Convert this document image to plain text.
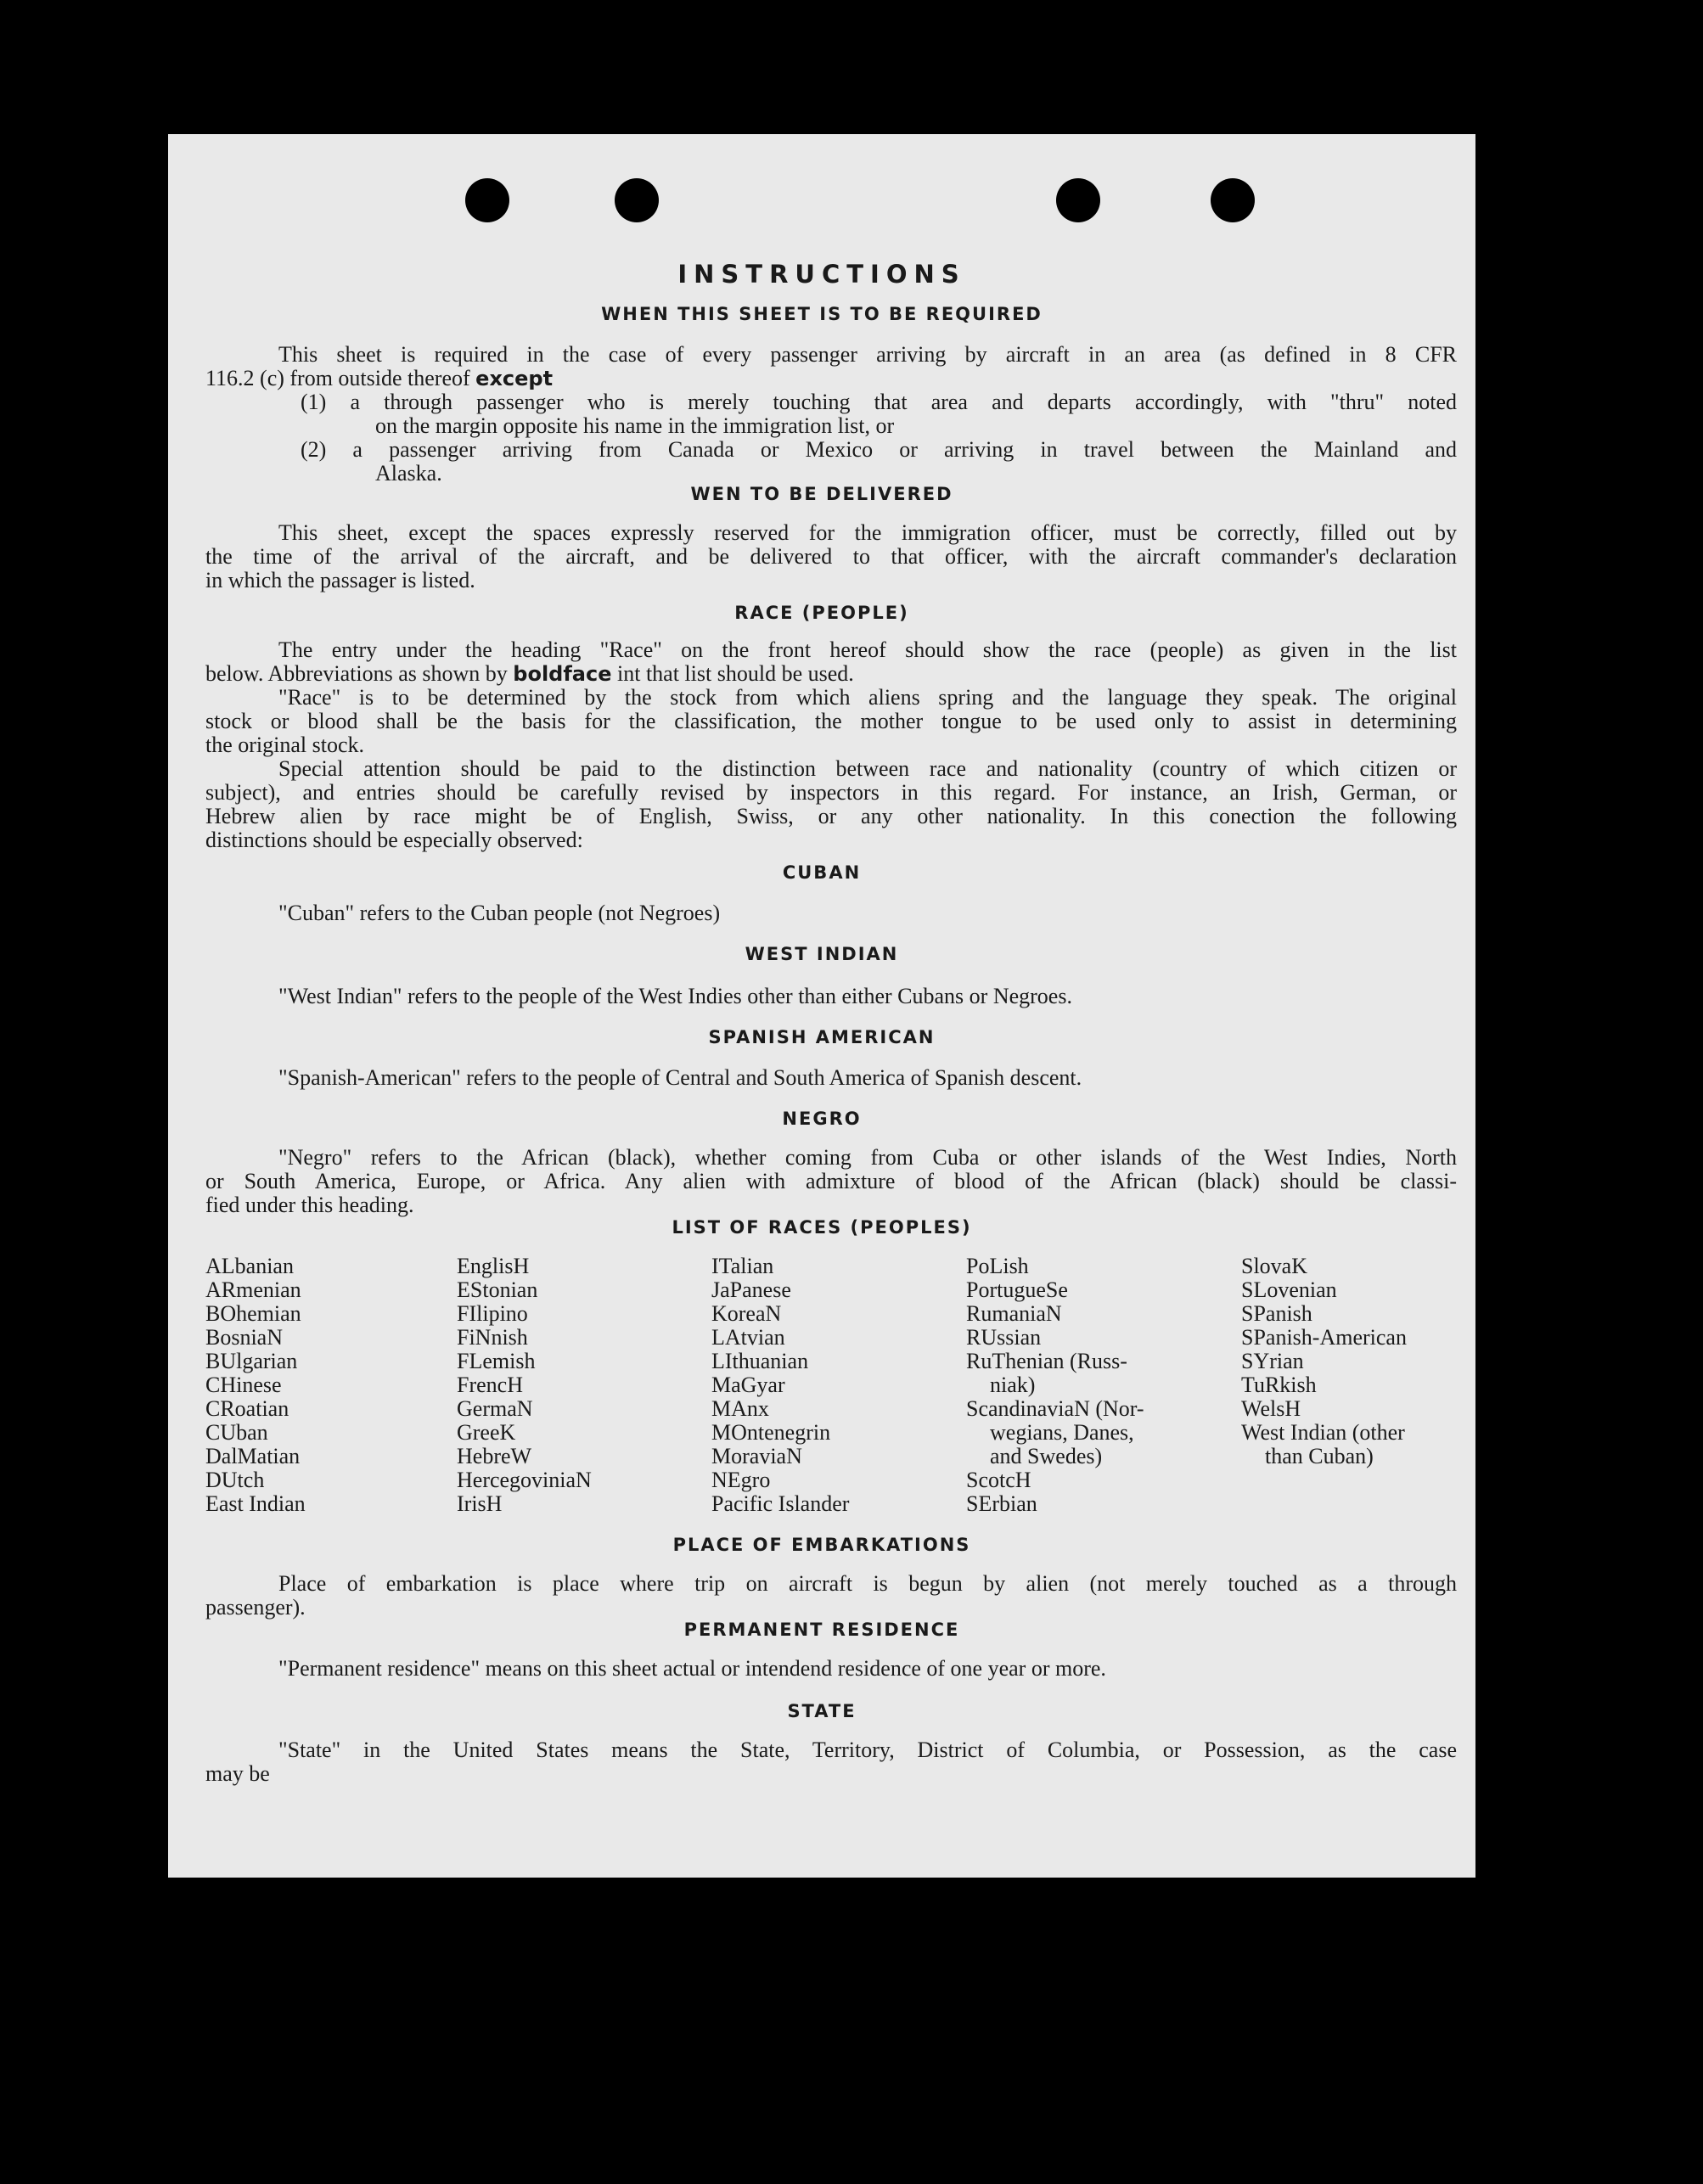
INSTRUCTIONS
WHEN THIS SHEET IS TO BE REQUIRED
This sheet is required in the case of every passenger arriving by aircraft in an area (as defined in 8 CFR
116.2 (c) from outside thereof except
(1) a through passenger who is merely touching that area and departs accordingly, with "thru" noted
on the margin opposite his name in the immigration list, or
(2) a passenger arriving from Canada or Mexico or arriving in travel between the Mainland and
Alaska.
WEN TO BE DELIVERED
This sheet, except the spaces expressly reserved for the immigration officer, must be correctly, filled out by
the time of the arrival of the aircraft, and be delivered to that officer, with the aircraft commander's declaration
in which the passager is listed.
RACE (PEOPLE)
The entry under the heading "Race" on the front hereof should show the race (people) as given in the list
below. Abbreviations as shown by boldface int that list should be used.
"Race" is to be determined by the stock from which aliens spring and the language they speak. The original
stock or blood shall be the basis for the classification, the mother tongue to be used only to assist in determining
the original stock.
Special attention should be paid to the distinction between race and nationality (country of which citizen or
subject), and entries should be carefully revised by inspectors in this regard. For instance, an Irish, German, or
Hebrew alien by race might be of English, Swiss, or any other nationality. In this conection the following
distinctions should be especially observed:
CUBAN
"Cuban" refers to the Cuban people (not Negroes)
WEST INDIAN
"West Indian" refers to the people of the West Indies other than either Cubans or Negroes.
SPANISH AMERICAN
"Spanish-American" refers to the people of Central and South America of Spanish descent.
NEGRO
"Negro" refers to the African (black), whether coming from Cuba or other islands of the West Indies, North
or South America, Europe, or Africa. Any alien with admixture of blood of the African (black) should be classi-
fied under this heading.
LIST OF RACES (PEOPLES)
ALbanian
ARmenian
BOhemian
BosniaN
BUlgarian
CHinese
CRoatian
CUban
DalMatian
DUtch
East Indian
EnglisH
EStonian
FIlipino
FiNnish
FLemish
FrencH
GermaN
GreeK
HebreW
HercegoviniaN
IrisH
ITalian
JaPanese
KoreaN
LAtvian
LIthuanian
MaGyar
MAnx
MOntenegrin
MoraviaN
NEgro
Pacific Islander
PoLish
PortugueSe
RumaniaN
RUssian
RuThenian (Russ-
niak)
ScandinaviaN (Nor-
wegians, Danes,
and Swedes)
ScotcH
SErbian
SlovaK
SLovenian
SPanish
SPanish-American
SYrian
TuRkish
WelsH
West Indian (other
than Cuban)
PLACE OF EMBARKATIONS
Place of embarkation is place where trip on aircraft is begun by alien (not merely touched as a through
passenger).
PERMANENT RESIDENCE
"Permanent residence" means on this sheet actual or intendend residence of one year or more.
STATE
"State" in the United States means the State, Territory, District of Columbia, or Possession, as the case
may be
